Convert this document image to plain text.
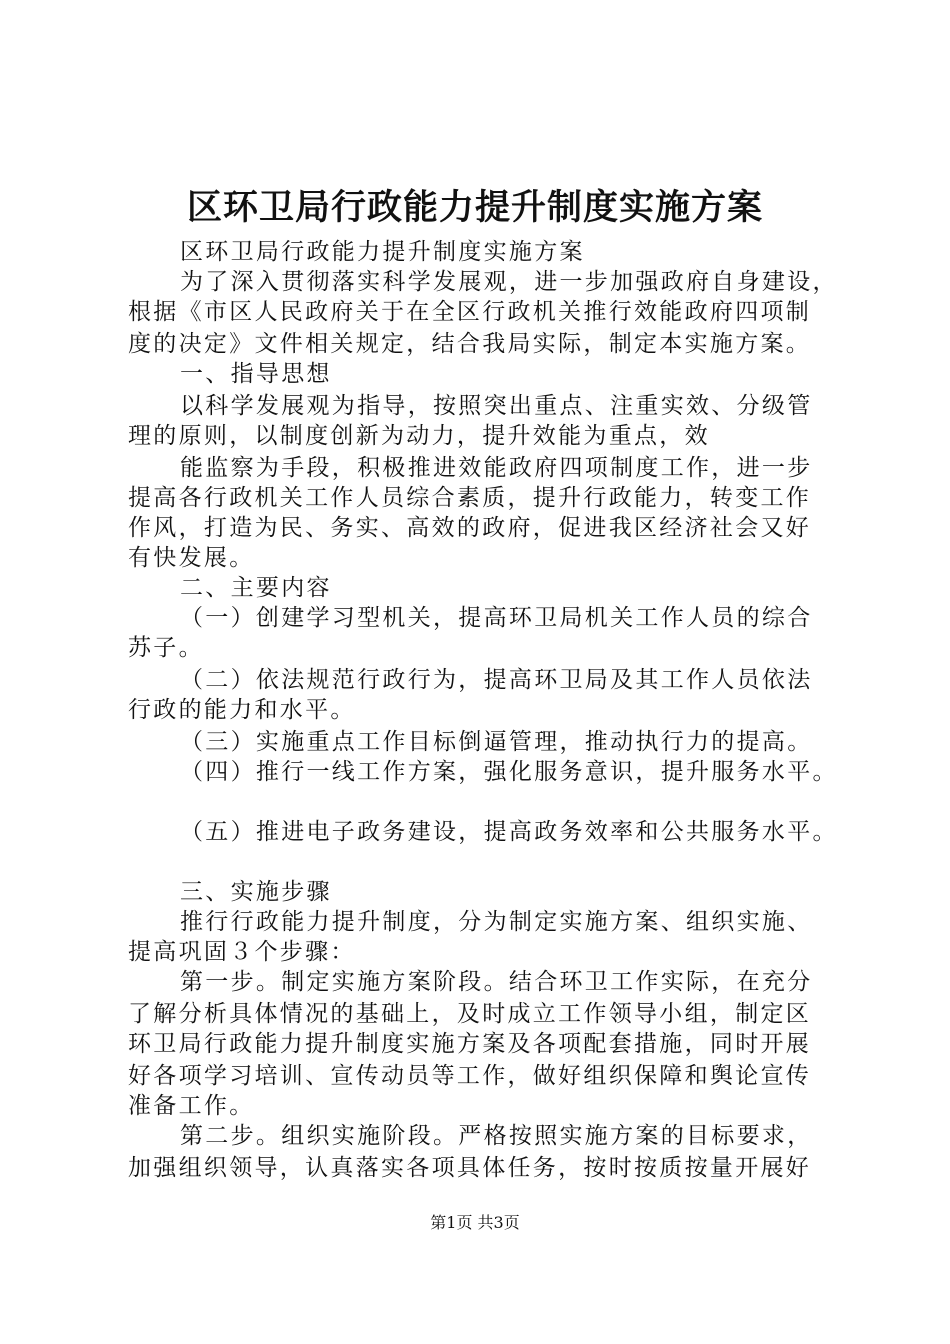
区环卫局行政能力提升制度实施方案
区环卫局行政能力提升制度实施方案
为了深入贯彻落实科学发展观，进一步加强政府自身建设，
根据《市区人民政府关于在全区行政机关推行效能政府四项制
度的决定》文件相关规定，结合我局实际，制定本实施方案。
一、指导思想
以科学发展观为指导，按照突出重点、注重实效、分级管
理的原则，以制度创新为动力，提升效能为重点，效
能监察为手段，积极推进效能政府四项制度工作，进一步
提高各行政机关工作人员综合素质，提升行政能力，转变工作
作风，打造为民、务实、高效的政府，促进我区经济社会又好
有快发展。
二、主要内容
（一）创建学习型机关，提高环卫局机关工作人员的综合
苏子。
（二）依法规范行政行为，提高环卫局及其工作人员依法
行政的能力和水平。
（三）实施重点工作目标倒逼管理，推动执行力的提高。
（四）推行一线工作方案，强化服务意识，提升服务水平。
（五）推进电子政务建设，提高政务效率和公共服务水平。
三、实施步骤
推行行政能力提升制度，分为制定实施方案、组织实施、
提高巩固３个步骤：
第一步。制定实施方案阶段。结合环卫工作实际，在充分
了解分析具体情况的基础上，及时成立工作领导小组，制定区
环卫局行政能力提升制度实施方案及各项配套措施，同时开展
好各项学习培训、宣传动员等工作，做好组织保障和舆论宣传
准备工作。
第二步。组织实施阶段。严格按照实施方案的目标要求，
加强组织领导，认真落实各项具体任务，按时按质按量开展好
第1页 共3页
